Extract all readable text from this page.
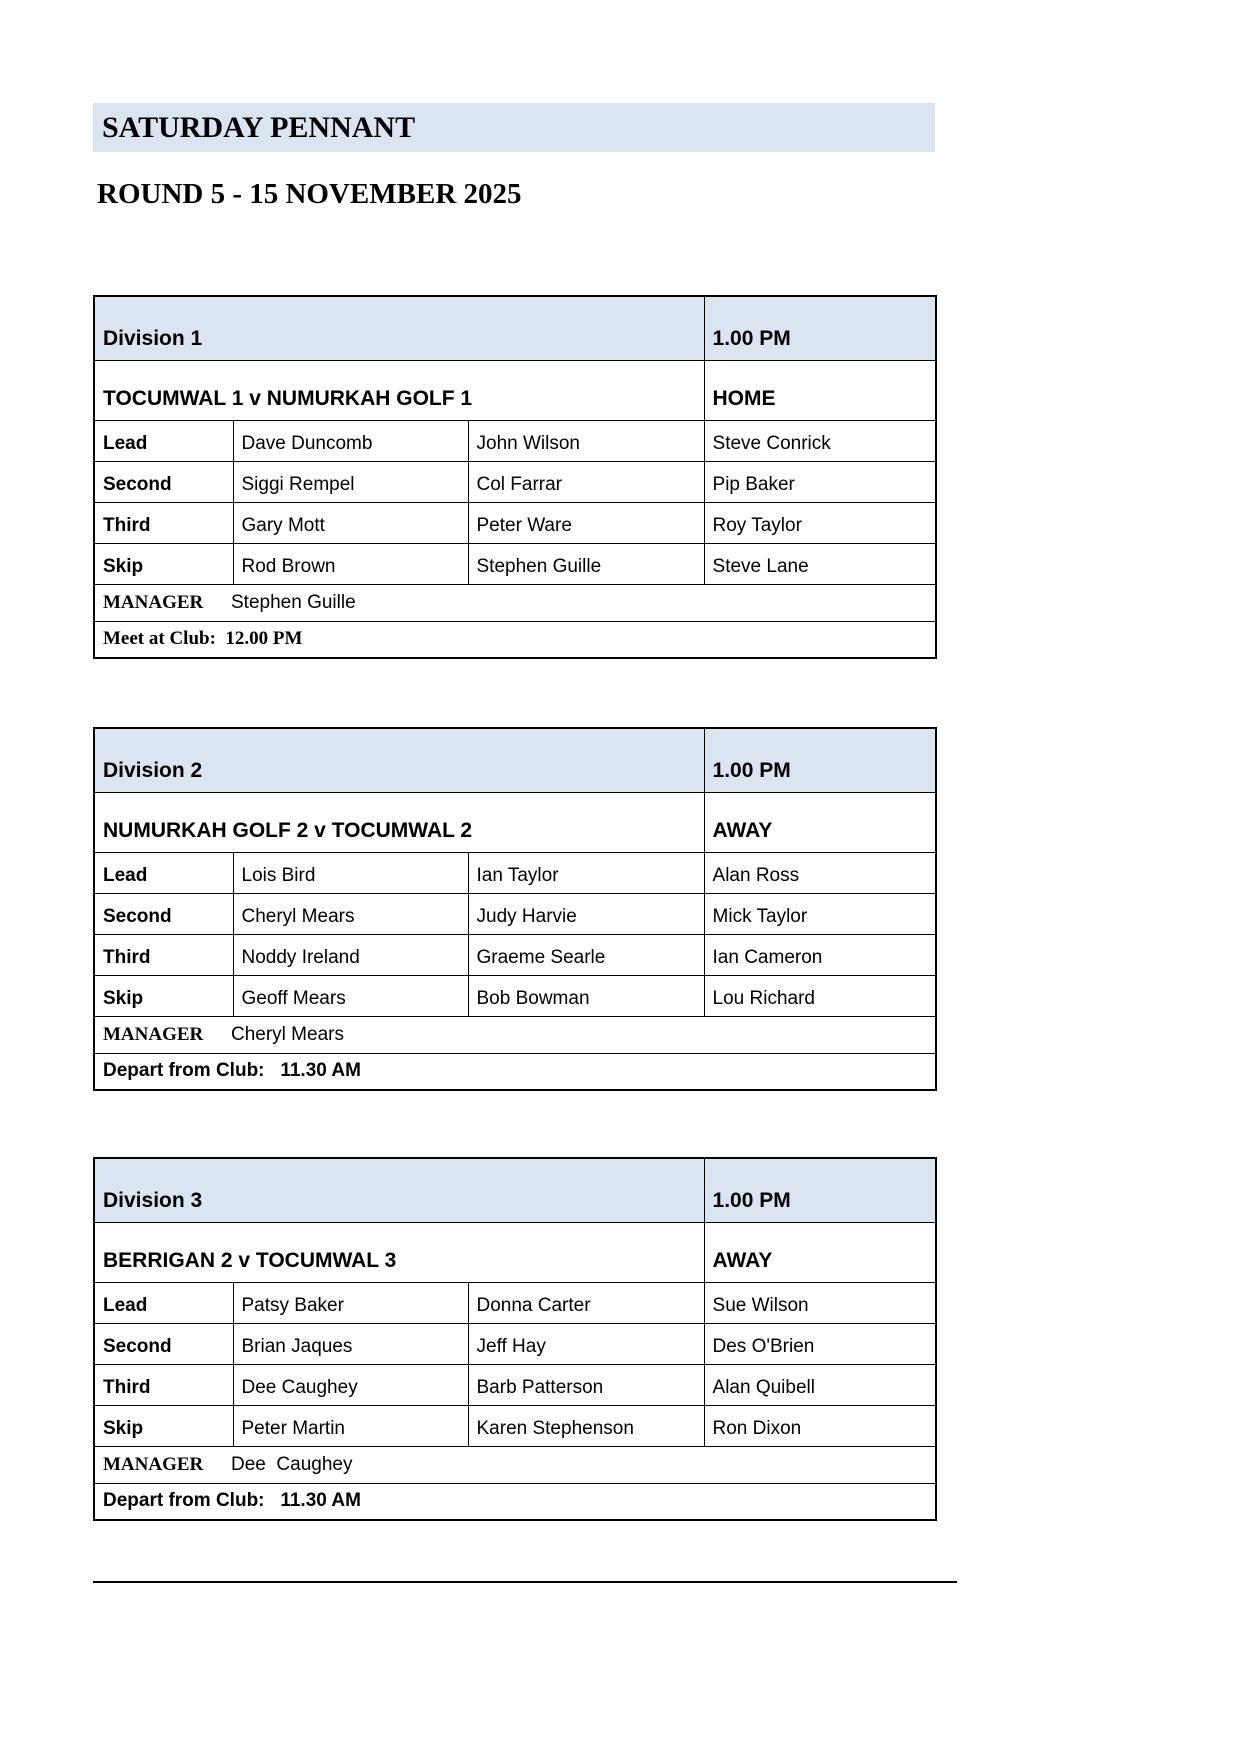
SATURDAY PENNANT
ROUND 5 - 15 NOVEMBER 2025
Division 1			1.00 PM
TOCUMWAL 1 v NUMURKAH GOLF 1			HOME
Lead	Dave Duncomb	John Wilson	Steve Conrick
Second	Siggi Rempel	Col Farrar	Pip Baker
Third	Gary Mott	Peter Ware	Roy Taylor
Skip	Rod Brown	Stephen Guille	Steve Lane
MANAGER Stephen Guille			
Meet at Club:  12.00 PM			
Division 2			1.00 PM
NUMURKAH GOLF 2 v TOCUMWAL 2			AWAY
Lead	Lois Bird	Ian Taylor	Alan Ross
Second	Cheryl Mears	Judy Harvie	Mick Taylor
Third	Noddy Ireland	Graeme Searle	Ian Cameron
Skip	Geoff Mears	Bob Bowman	Lou Richard
MANAGER Cheryl Mears			
Depart from Club:   11.30 AM			
Division 3			1.00 PM
BERRIGAN 2 v TOCUMWAL 3			AWAY
Lead	Patsy Baker	Donna Carter	Sue Wilson
Second	Brian Jaques	Jeff Hay	Des O'Brien
Third	Dee Caughey	Barb Patterson	Alan Quibell
Skip	Peter Martin	Karen Stephenson	Ron Dixon
MANAGER Dee  Caughey			
Depart from Club:   11.30 AM			
